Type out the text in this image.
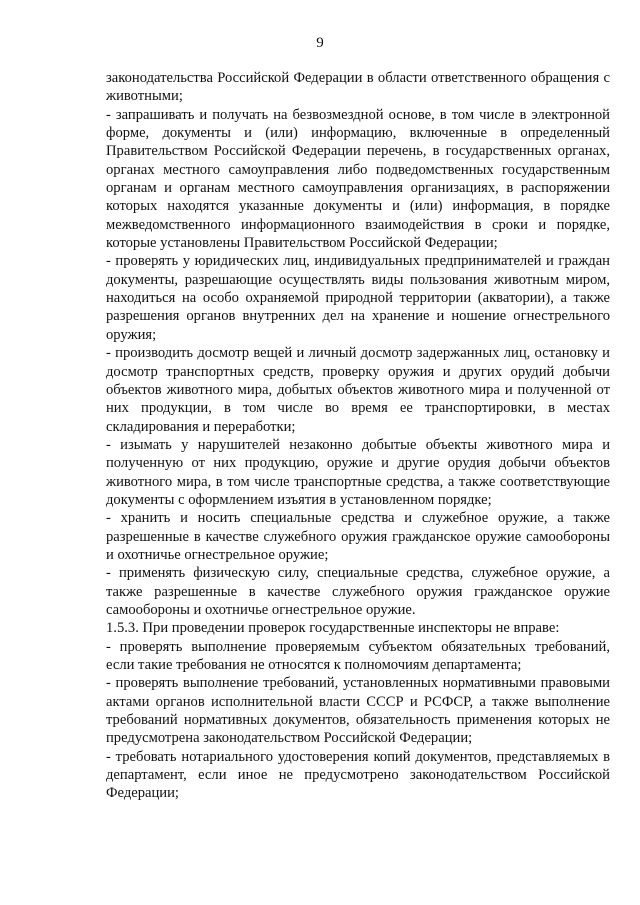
9

законодательства Российской Федерации в области ответственного обращения с животными;

- запрашивать и получать на безвозмездной основе, в том числе в электронной форме, документы и (или) информацию, включенные в определенный Правительством Российской Федерации перечень, в государственных органах, органах местного самоуправления либо подведомственных государственным органам и органам местного самоуправления организациях, в распоряжении которых находятся указанные документы и (или) информация, в порядке межведомственного информационного взаимодействия в сроки и порядке, которые установлены Правительством Российской Федерации;

- проверять у юридических лиц, индивидуальных предпринимателей и граждан документы, разрешающие осуществлять виды пользования животным миром, находиться на особо охраняемой природной территории (акватории), а также разрешения органов внутренних дел на хранение и ношение огнестрельного оружия;

- производить досмотр вещей и личный досмотр задержанных лиц, остановку и досмотр транспортных средств, проверку оружия и других орудий добычи объектов животного мира, добытых объектов животного мира и полученной от них продукции, в том числе во время ее транспортировки, в местах складирования и переработки;

- изымать у нарушителей незаконно добытые объекты животного мира и полученную от них продукцию, оружие и другие орудия добычи объектов животного мира, в том числе транспортные средства, а также соответствующие документы с оформлением изъятия в установленном порядке;

- хранить и носить специальные средства и служебное оружие, а также разрешенные в качестве служебного оружия гражданское оружие самообороны и охотничье огнестрельное оружие;

- применять физическую силу, специальные средства, служебное оружие, а также разрешенные в качестве служебного оружия гражданское оружие самообороны и охотничье огнестрельное оружие.

1.5.3. При проведении проверок государственные инспекторы не вправе:

- проверять выполнение проверяемым субъектом обязательных требований, если такие требования не относятся к полномочиям департамента;

- проверять выполнение требований, установленных нормативными правовыми актами органов исполнительной власти СССР и РСФСР, а также выполнение требований нормативных документов, обязательность применения которых не предусмотрена законодательством Российской Федерации;

- требовать нотариального удостоверения копий документов, представляемых в департамент, если иное не предусмотрено законодательством Российской Федерации;
